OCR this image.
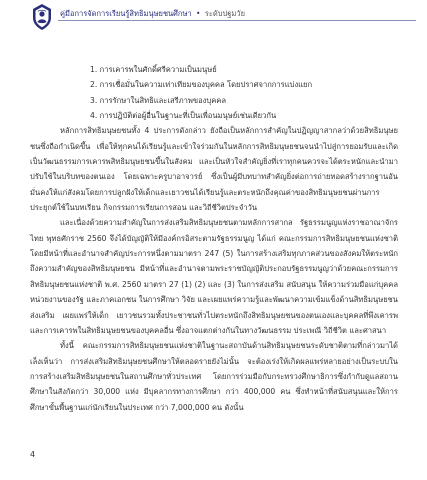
คู่มือการจัดการเรียนรู้สิทธิมนุษยชนศึกษา • ระดับปฐมวัย
1. การเคารพในศักดิ์ศรีความเป็นมนุษย์
2. การเชื่อมั่นในความเท่าเทียมของบุคคล โดยปราศจากการแบ่งแยก
3. การรักษาในสิทธิและเสรีภาพของบุคคล
4. การปฏิบัติต่อผู้อื่นในฐานะที่เป็นเพื่อนมนุษย์เช่นเดียวกัน

หลักการสิทธิมนุษยชนทั้ง 4 ประการดังกล่าว ยังถือเป็นหลักการสำคัญในปฏิญญาสากลว่าด้วยสิทธิมนุษยชนซึ่งถือกำเนิดขึ้น เพื่อให้ทุกคนได้เรียนรู้และเข้าใจร่วมกันในหลักการสิทธิมนุษยชนจนนำไปสู่การยอมรับและเกิดเป็นวัฒนธรรมการเคารพสิทธิมนุษยชนขึ้นในสังคม และเป็นหัวใจสำคัญยิ่งที่เราทุกคนควรจะได้ตระหนักและนำมาปรับใช้ในบริบทของตนเอง โดยเฉพาะครูบาอาจารย์ ซึ่งเป็นผู้มีบทบาทสำคัญยิ่งต่อการถ่ายทอดสร้างรากฐานอันมั่นคงให้แก่สังคมโดยการปลูกฝังให้เด็กและเยาวชนได้เรียนรู้และตระหนักถึงคุณค่าของสิทธิมนุษยชนผ่านการประยุกต์ใช้ในบทเรียน กิจกรรมการเรียนการสอน และวิถีชีวิตประจำวัน

และเนื่องด้วยความสำคัญในการส่งเสริมสิทธิมนุษยชนตามหลักการสากล รัฐธรรมนูญแห่งราชอาณาจักรไทย พุทธศักราช 2560 จึงได้บัญญัติให้มีองค์กรอิสระตามรัฐธรรมนูญ ได้แก่ คณะกรรมการสิทธิมนุษยชนแห่งชาติ โดยมีหน้าที่และอำนาจสำคัญประการหนึ่งตามมาตรา 247 (5) ในการสร้างเสริมทุกภาคส่วนของสังคมให้ตระหนักถึงความสำคัญของสิทธิมนุษยชน มีหน้าที่และอำนาจตามพระราชบัญญัติประกอบรัฐธรรมนูญว่าด้วยคณะกรรมการสิทธิมนุษยชนแห่งชาติ พ.ศ. 2560 มาตรา 27 (1) (2) และ (3) ในการส่งเสริม สนับสนุน ให้ความร่วมมือแก่บุคคล หน่วยงานของรัฐ และภาคเอกชน ในการศึกษา วิจัย และเผยแพร่ความรู้และพัฒนาความเข้มแข็งด้านสิทธิมนุษยชน ส่งเสริม เผยแพร่ให้เด็ก เยาวชนรวมทั้งประชาชนทั่วไปตระหนักถึงสิทธิมนุษยชนของตนเองและบุคคลที่พึงเคารพ และการเคารพในสิทธิมนุษยชนของบุคคลอื่น ซึ่งอาจแตกต่างกันในทางวัฒนธรรม ประเพณี วิถีชีวิต และศาสนา

ทั้งนี้ คณะกรรมการสิทธิมนุษยชนแห่งชาติในฐานะสถาบันด้านสิทธิมนุษยชนระดับชาติตามที่กล่าวมาได้เล็งเห็นว่า การส่งเสริมสิทธิมนุษยชนศึกษาให้ตลอดรายยังไม่นั้น จะต้องเร่งให้เกิดผลแพร่หลายอย่างเป็นระบบในการสร้างเสริมสิทธิมนุษยชนในสถานศึกษาทั่วประเทศ โดยการร่วมมือกับกระทรวงศึกษาธิการซึ่งกำกับดูแลสถานศึกษาในสังกัดกว่า 30,000 แห่ง มีบุคลากรทางการศึกษา กว่า 400,000 คน ซึ่งทำหน้าที่สนับสนุนและให้การศึกษาขั้นพื้นฐานแก่นักเรียนในประเทศ กว่า 7,000,000 คน ดังนั้น

4
